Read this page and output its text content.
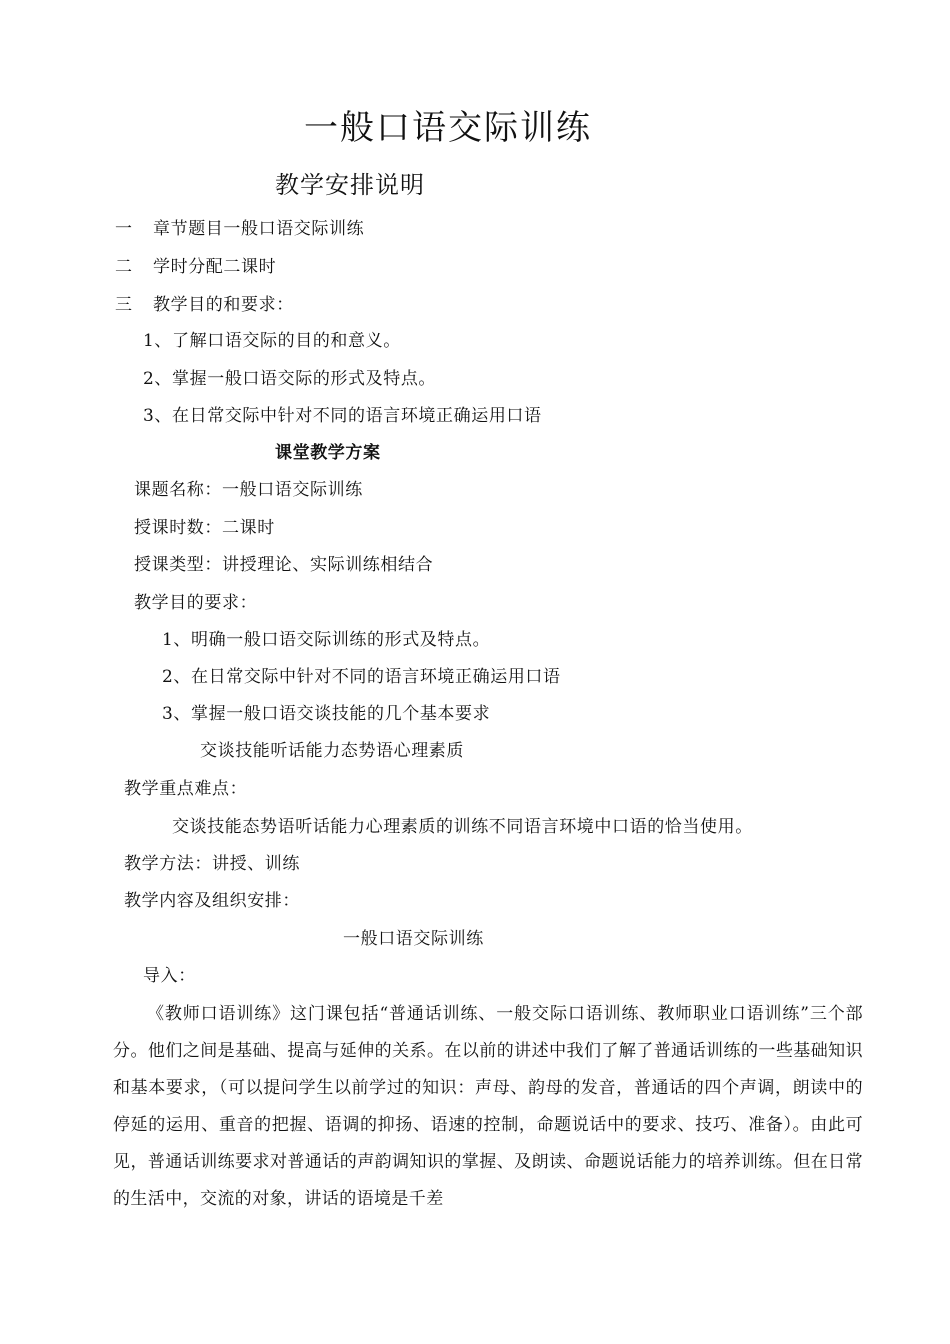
一般口语交际训练
教学安排说明
一 章节题目一般口语交际训练
二 学时分配二课时
三 教学目的和要求：
1、了解口语交际的目的和意义。
2、掌握一般口语交际的形式及特点。
3、在日常交际中针对不同的语言环境正确运用口语
课堂教学方案
课题名称：一般口语交际训练
授课时数：二课时
授课类型：讲授理论、实际训练相结合
教学目的要求：
1、明确一般口语交际训练的形式及特点。
2、在日常交际中针对不同的语言环境正确运用口语
3、掌握一般口语交谈技能的几个基本要求
交谈技能听话能力态势语心理素质
教学重点难点：
交谈技能态势语听话能力心理素质的训练不同语言环境中口语的恰当使用。
教学方法：讲授、训练
教学内容及组织安排：
一般口语交际训练
导入：
《教师口语训练》这门课包括“普通话训练、一般交际口语训练、教师职业口语训练”三个部分。他们之间是基础、提高与延伸的关系。在以前的讲述中我们了解了普通话训练的一些基础知识和基本要求，（可以提问学生以前学过的知识：声母、韵母的发音，普通话的四个声调，朗读中的停延的运用、重音的把握、语调的抑扬、语速的控制，命题说话中的要求、技巧、准备）。由此可见，普通话训练要求对普通话的声韵调知识的掌握、及朗读、命题说话能力的培养训练。但在日常的生活中，交流的对象，讲话的语境是千差
